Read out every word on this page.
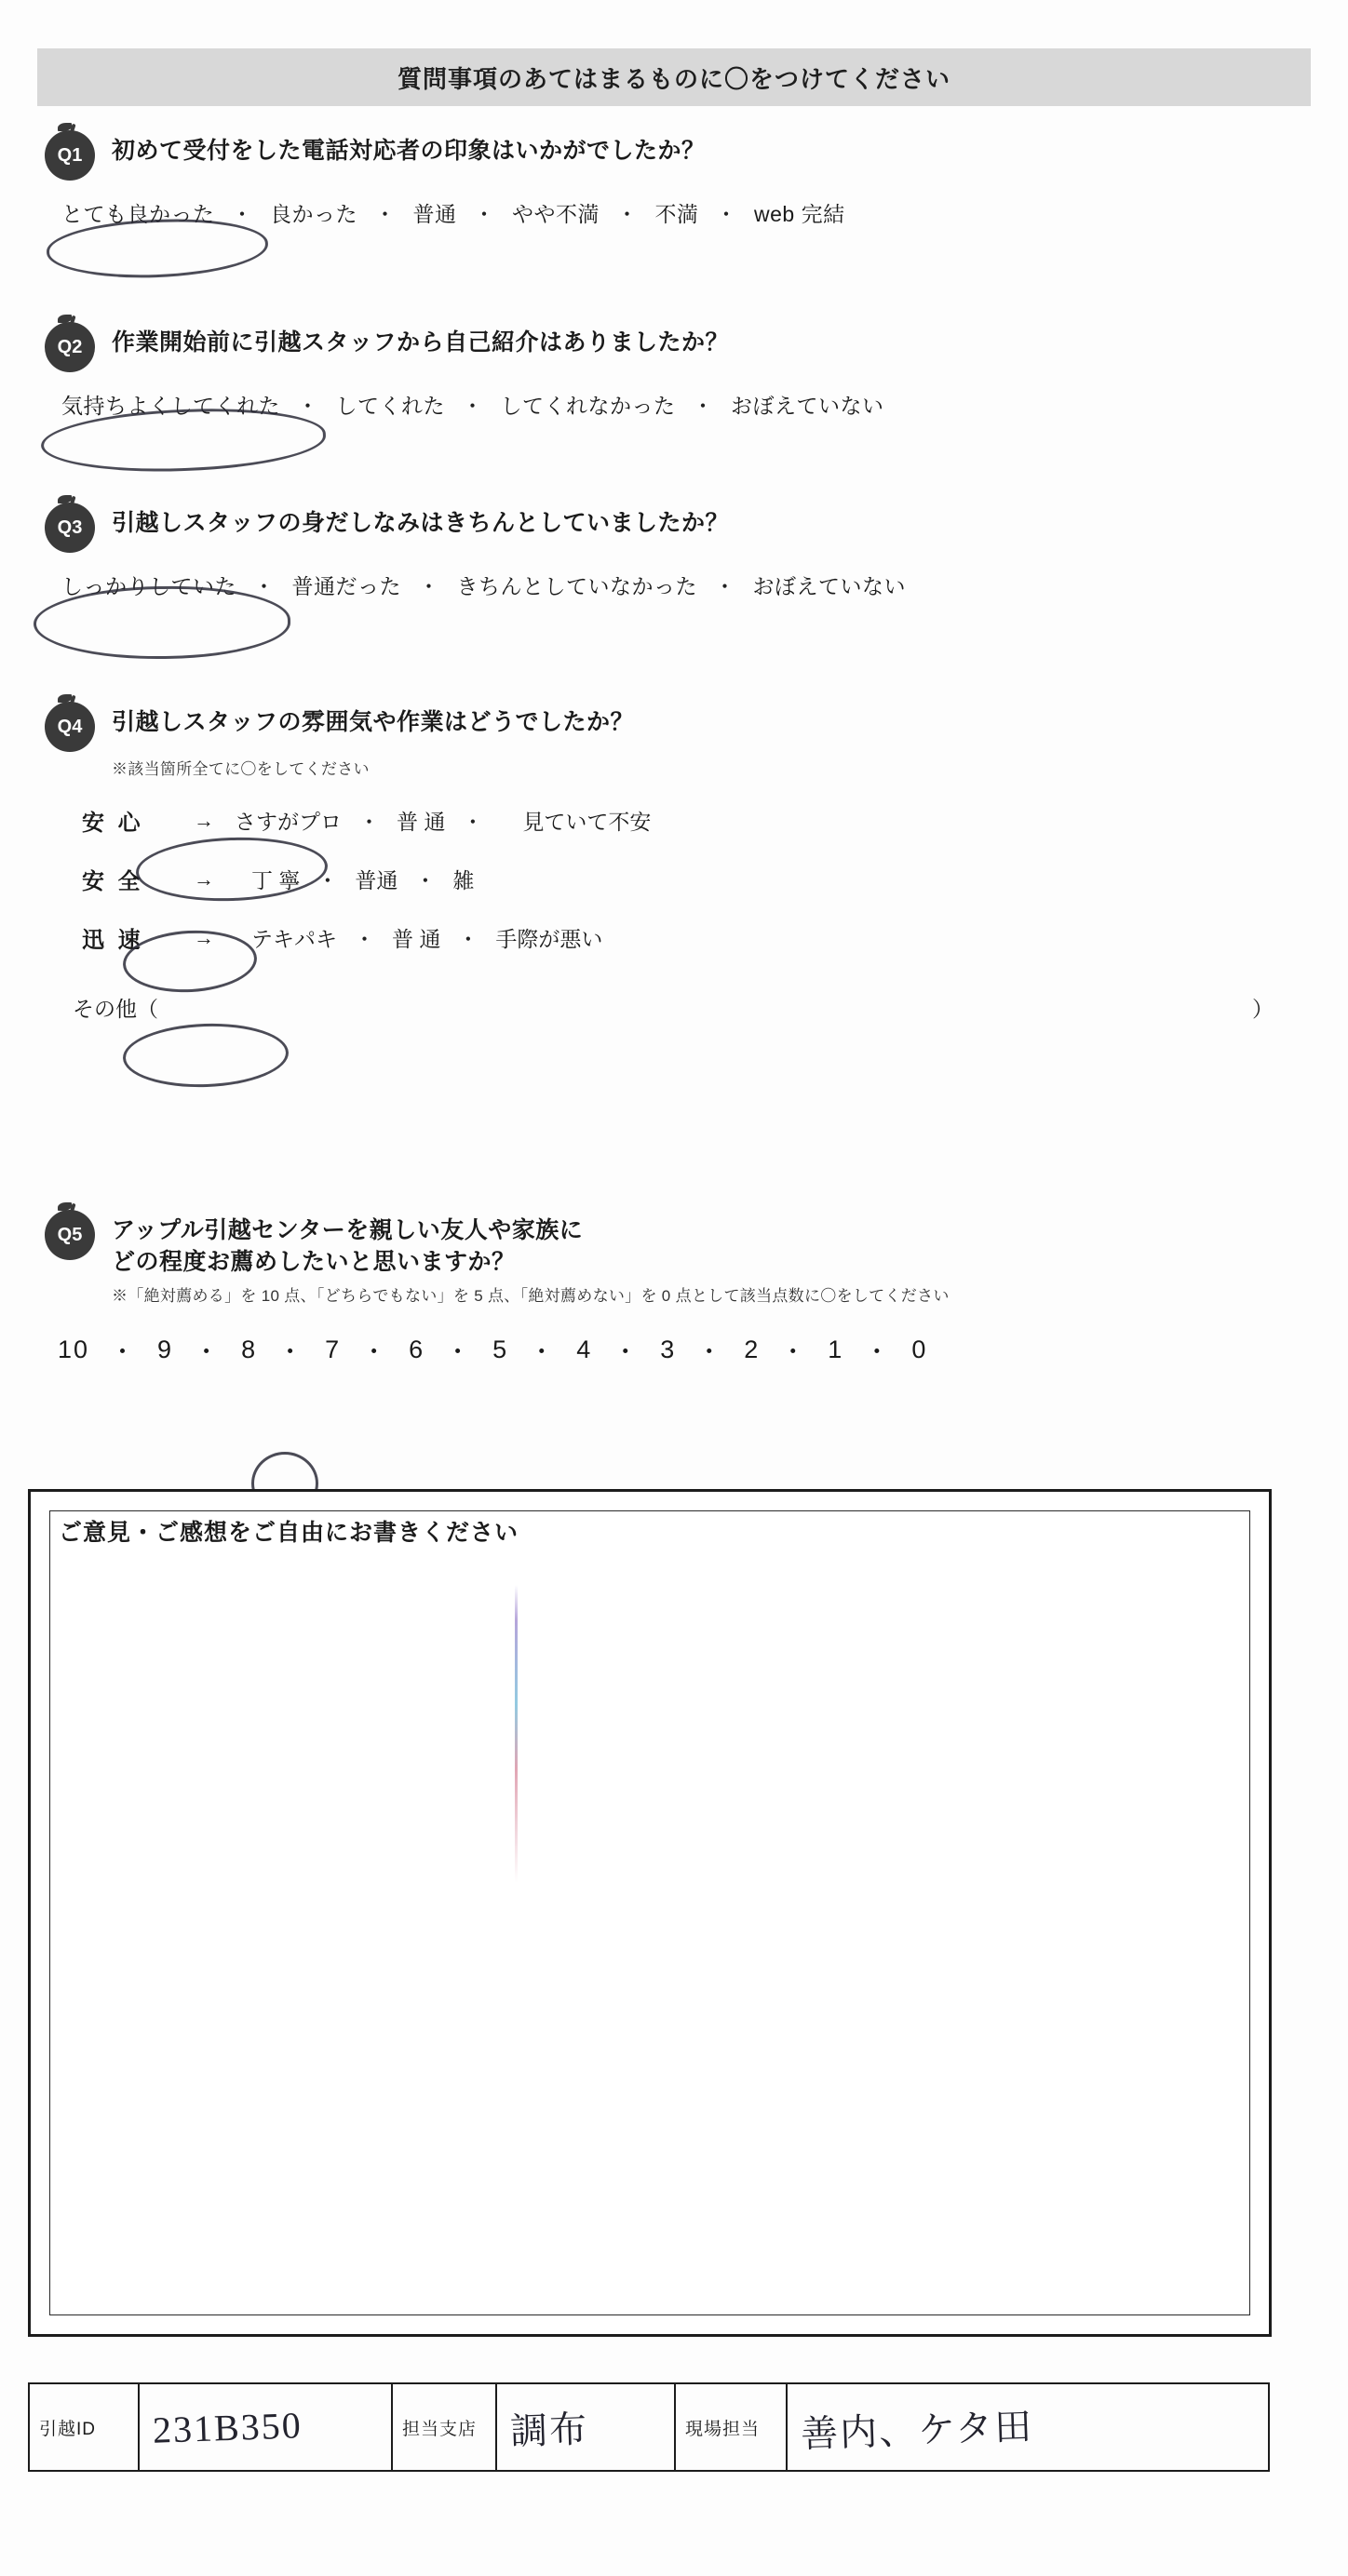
質問事項のあてはまるものに〇をつけてください
Q1	初めて受付をした電話対応者の印象はいかがでしたか？
とても良かった ・ 良かった ・ 普通 ・ やや不満 ・ 不満 ・ web 完結
Q2	作業開始前に引越スタッフから自己紹介はありましたか？
気持ちよくしてくれた ・ してくれた ・ してくれなかった ・ おぼえていない
Q3	引越しスタッフの身だしなみはきちんとしていましたか？
しっかりしていた ・ 普通だった ・ きちんとしていなかった ・ おぼえていない
Q4	引越しスタッフの雰囲気や作業はどうでしたか？
※該当箇所全てに〇をしてください
安 心	→ さすがプロ ・ 普 通 ・	見ていて不安
安 全	→ 丁 寧 ・ 普通 ・ 雑
迅 速	→ テキパキ ・ 普 通 ・ 手際が悪い
その他（	）
Q5	アップル引越センターを親しい友人や家族に
どの程度お薦めしたいと思いますか？
※「絶対薦める」を 10 点、「どちらでもない」を 5 点、「絶対薦めない」を 0 点として該当点数に〇をしてください
10 ・ 9 ・ 8 ・ 7 ・ 6 ・ 5 ・ 4 ・ 3 ・ 2 ・ 1 ・ 0
ご意見・ご感想をご自由にお書きください
引越ID	231B350	担当支店 調布	現場担当	善内、ケタ田
